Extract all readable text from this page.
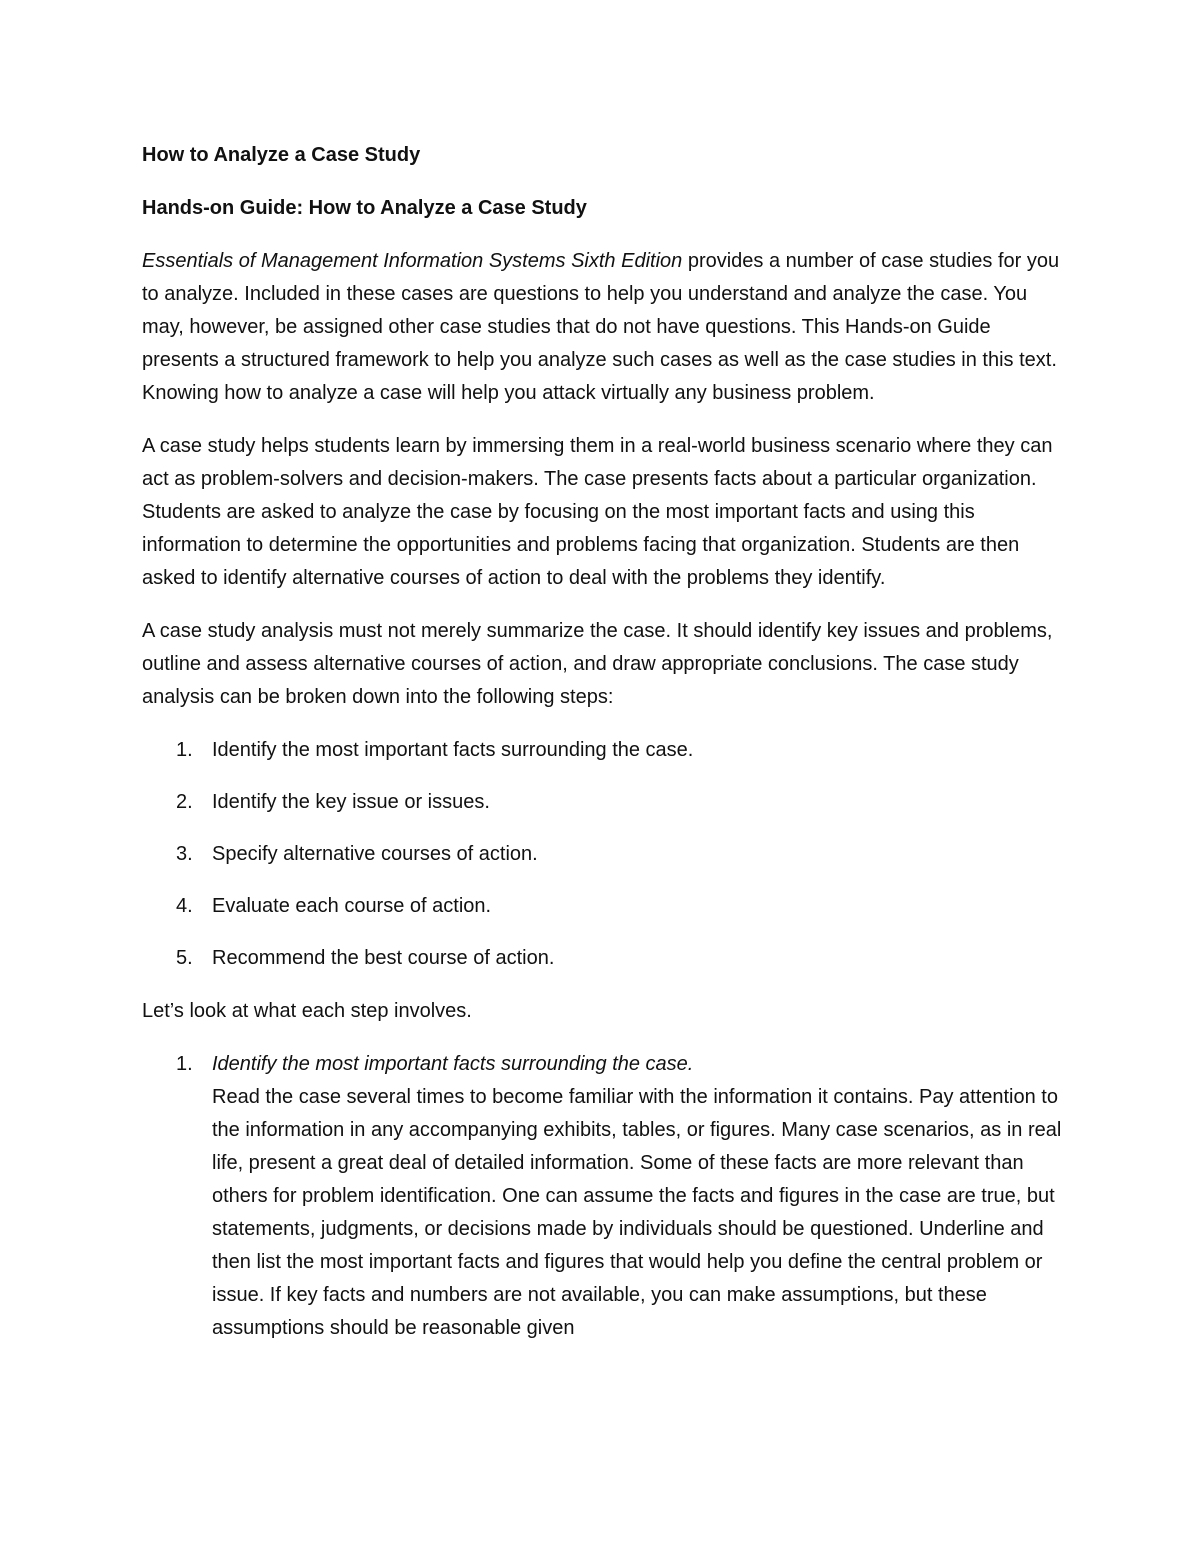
How to Analyze a Case Study
Hands-on Guide: How to Analyze a Case Study

Essentials of Management Information Systems Sixth Edition provides a number of case studies for you to analyze. Included in these cases are questions to help you understand and analyze the case. You may, however, be assigned other case studies that do not have questions. This Hands-on Guide presents a structured framework to help you analyze such cases as well as the case studies in this text. Knowing how to analyze a case will help you attack virtually any business problem.

A case study helps students learn by immersing them in a real-world business scenario where they can act as problem-solvers and decision-makers. The case presents facts about a particular organization. Students are asked to analyze the case by focusing on the most important facts and using this information to determine the opportunities and problems facing that organization. Students are then asked to identify alternative courses of action to deal with the problems they identify.

A case study analysis must not merely summarize the case. It should identify key issues and problems, outline and assess alternative courses of action, and draw appropriate conclusions. The case study analysis can be broken down into the following steps:

1. Identify the most important facts surrounding the case.
2. Identify the key issue or issues.
3. Specify alternative courses of action.
4. Evaluate each course of action.
5. Recommend the best course of action.

Let’s look at what each step involves.

1. Identify the most important facts surrounding the case.
Read the case several times to become familiar with the information it contains. Pay attention to the information in any accompanying exhibits, tables, or figures. Many case scenarios, as in real life, present a great deal of detailed information. Some of these facts are more relevant than others for problem identification. One can assume the facts and figures in the case are true, but statements, judgments, or decisions made by individuals should be questioned. Underline and then list the most important facts and figures that would help you define the central problem or issue. If key facts and numbers are not available, you can make assumptions, but these assumptions should be reasonable given
